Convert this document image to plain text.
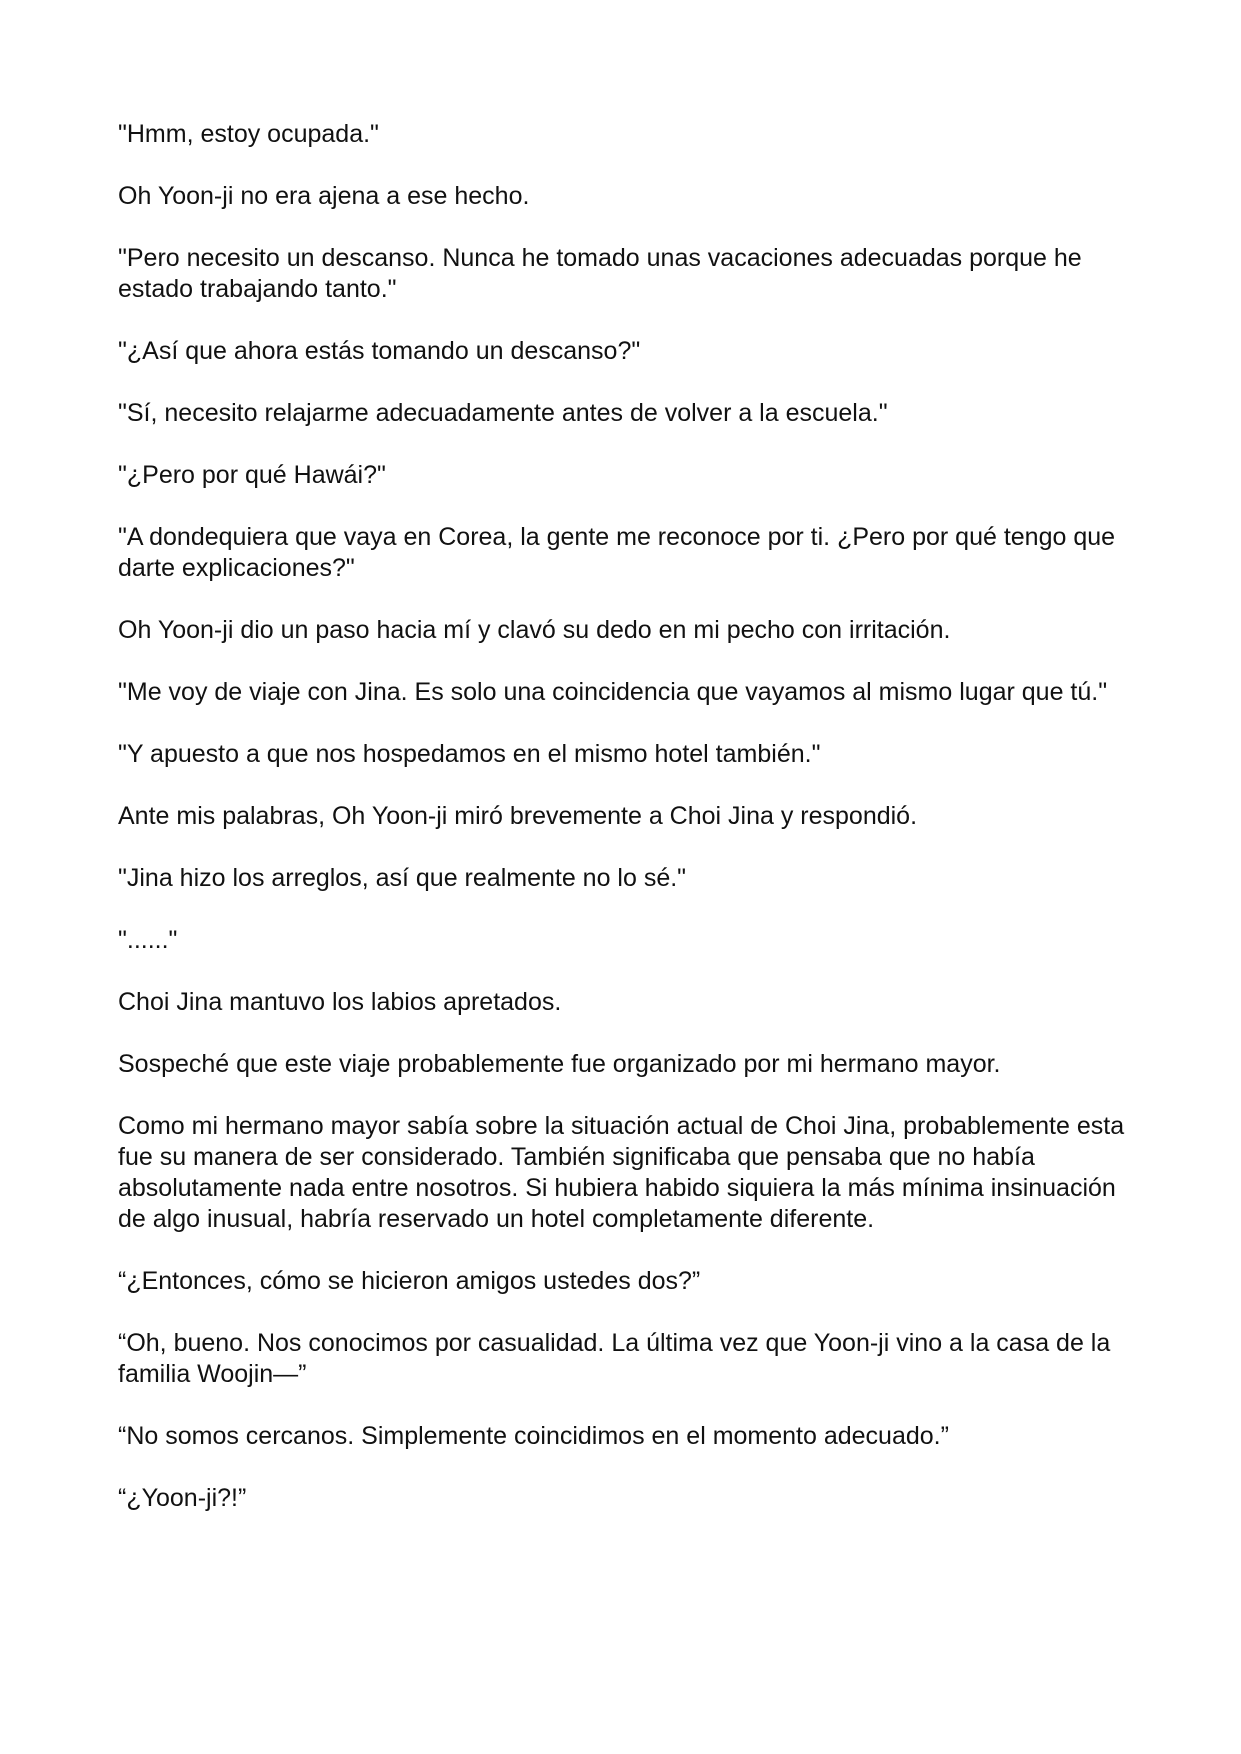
"Hmm, estoy ocupada."

Oh Yoon-ji no era ajena a ese hecho.

"Pero necesito un descanso. Nunca he tomado unas vacaciones adecuadas porque he estado trabajando tanto."

"¿Así que ahora estás tomando un descanso?"

"Sí, necesito relajarme adecuadamente antes de volver a la escuela."

"¿Pero por qué Hawái?"

"A dondequiera que vaya en Corea, la gente me reconoce por ti. ¿Pero por qué tengo que darte explicaciones?"

Oh Yoon-ji dio un paso hacia mí y clavó su dedo en mi pecho con irritación.

"Me voy de viaje con Jina. Es solo una coincidencia que vayamos al mismo lugar que tú."

"Y apuesto a que nos hospedamos en el mismo hotel también."

Ante mis palabras, Oh Yoon-ji miró brevemente a Choi Jina y respondió.

"Jina hizo los arreglos, así que realmente no lo sé."

"......"

Choi Jina mantuvo los labios apretados.

Sospeché que este viaje probablemente fue organizado por mi hermano mayor.

Como mi hermano mayor sabía sobre la situación actual de Choi Jina, probablemente esta fue su manera de ser considerado. También significaba que pensaba que no había absolutamente nada entre nosotros. Si hubiera habido siquiera la más mínima insinuación de algo inusual, habría reservado un hotel completamente diferente.

“¿Entonces, cómo se hicieron amigos ustedes dos?”

“Oh, bueno. Nos conocimos por casualidad. La última vez que Yoon-ji vino a la casa de la familia Woojin—”

“No somos cercanos. Simplemente coincidimos en el momento adecuado.”

“¿Yoon-ji?!”
